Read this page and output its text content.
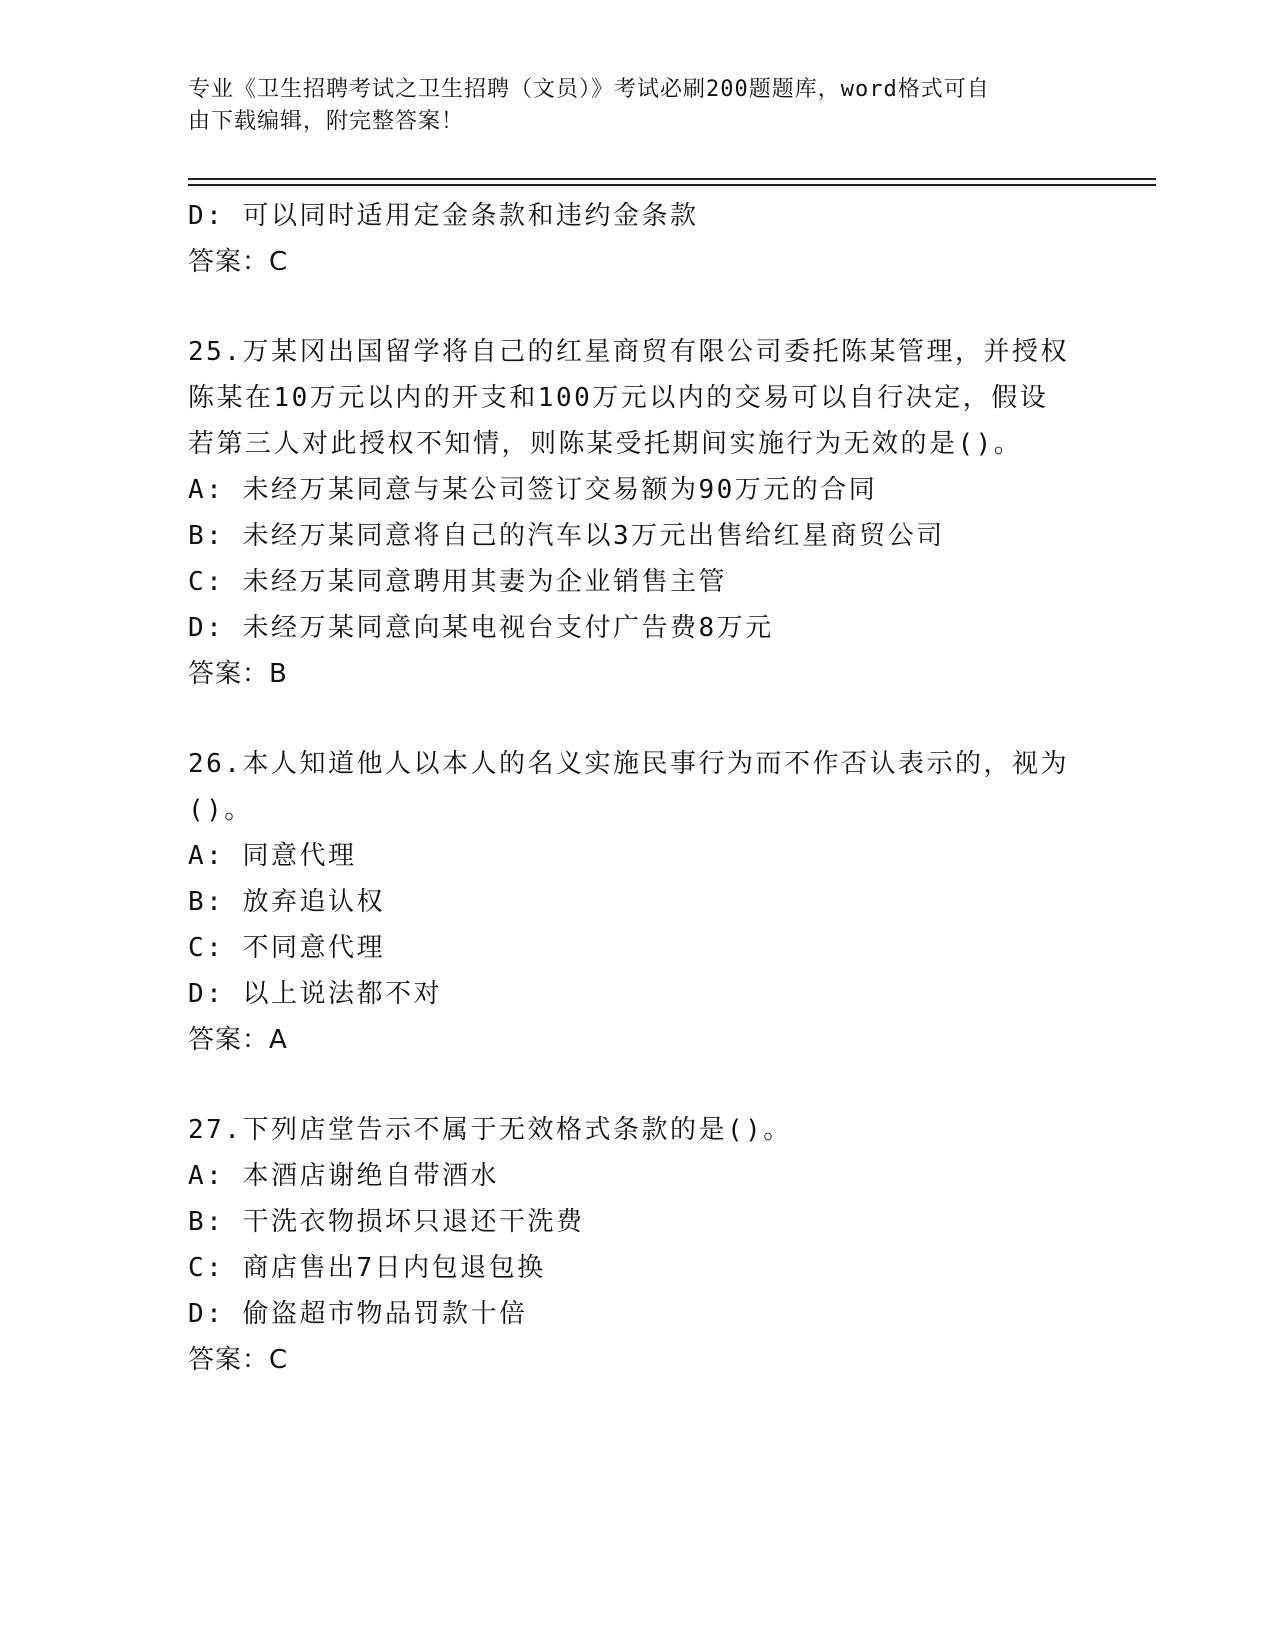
专业《卫生招聘考试之卫生招聘（文员）》考试必刷200题题库，word格式可自
由下载编辑，附完整答案！
D: 可以同时适用定金条款和违约金条款
答案：C
25.万某冈出国留学将自己的红星商贸有限公司委托陈某管理，并授权
陈某在10万元以内的开支和100万元以内的交易可以自行决定，假设
若第三人对此授权不知情，则陈某受托期间实施行为无效的是()。
A: 未经万某同意与某公司签订交易额为90万元的合同
B: 未经万某同意将自己的汽车以3万元出售给红星商贸公司
C: 未经万某同意聘用其妻为企业销售主管
D: 未经万某同意向某电视台支付广告费8万元
答案：B
26.本人知道他人以本人的名义实施民事行为而不作否认表示的，视为
()。
A: 同意代理
B: 放弃追认权
C: 不同意代理
D: 以上说法都不对
答案：A
27.下列店堂告示不属于无效格式条款的是()。
A: 本酒店谢绝自带酒水
B: 干洗衣物损坏只退还干洗费
C: 商店售出7日内包退包换
D: 偷盗超市物品罚款十倍
答案：C
